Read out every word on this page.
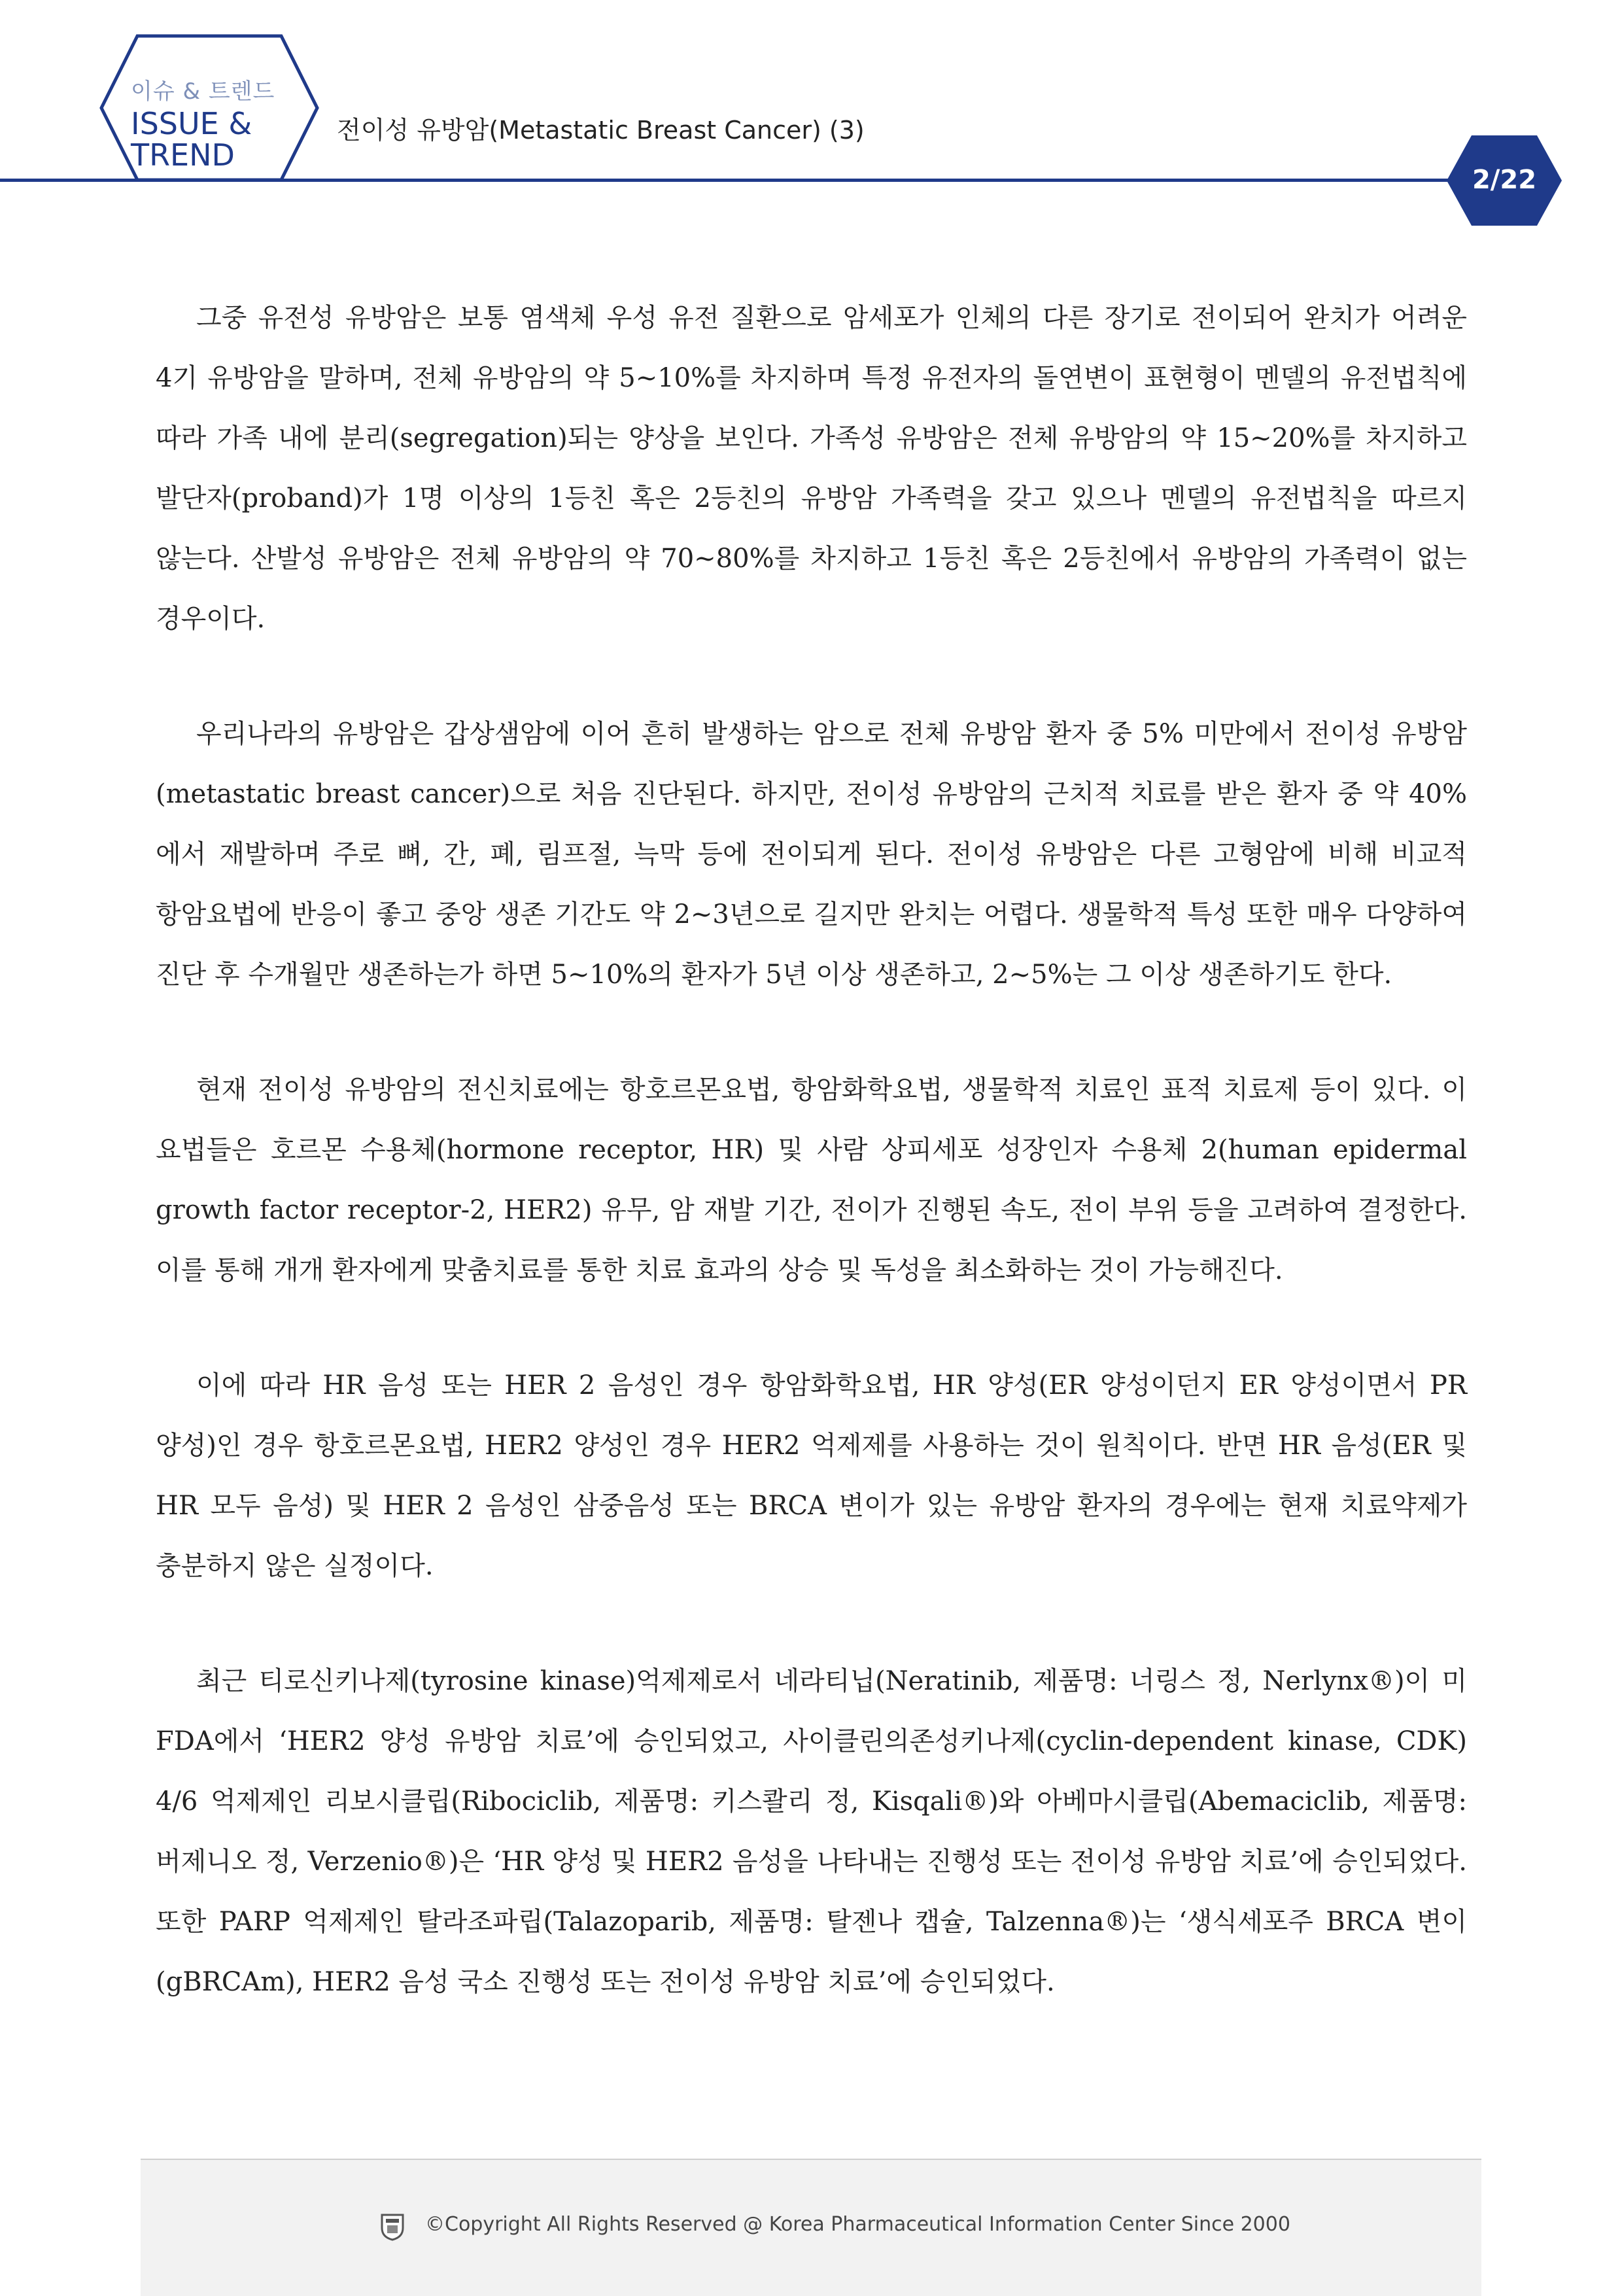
이슈 & 트렌드
ISSUE &
TREND
전이성 유방암(Metastatic Breast Cancer) (3)
2/22

그중 유전성 유방암은 보통 염색체 우성 유전 질환으로 암세포가 인체의 다른 장기로 전이되어 완치가 어려운 4기 유방암을 말하며, 전체 유방암의 약 5~10%를 차지하며 특정 유전자의 돌연변이 표현형이 멘델의 유전법칙에 따라 가족 내에 분리(segregation)되는 양상을 보인다. 가족성 유방암은 전체 유방암의 약 15~20%를 차지하고 발단자(proband)가 1명 이상의 1등친 혹은 2등친의 유방암 가족력을 갖고 있으나 멘델의 유전법칙을 따르지 않는다. 산발성 유방암은 전체 유방암의 약 70~80%를 차지하고 1등친 혹은 2등친에서 유방암의 가족력이 없는 경우이다.

우리나라의 유방암은 갑상샘암에 이어 흔히 발생하는 암으로 전체 유방암 환자 중 5% 미만에서 전이성 유방암(metastatic breast cancer)으로 처음 진단된다. 하지만, 전이성 유방암의 근치적 치료를 받은 환자 중 약 40%에서 재발하며 주로 뼈, 간, 폐, 림프절, 늑막 등에 전이되게 된다. 전이성 유방암은 다른 고형암에 비해 비교적 항암요법에 반응이 좋고 중앙 생존 기간도 약 2~3년으로 길지만 완치는 어렵다. 생물학적 특성 또한 매우 다양하여 진단 후 수개월만 생존하는가 하면 5~10%의 환자가 5년 이상 생존하고, 2~5%는 그 이상 생존하기도 한다.

현재 전이성 유방암의 전신치료에는 항호르몬요법, 항암화학요법, 생물학적 치료인 표적 치료제 등이 있다. 이 요법들은 호르몬 수용체(hormone receptor, HR) 및 사람 상피세포 성장인자 수용체 2(human epidermal growth factor receptor-2, HER2) 유무, 암 재발 기간, 전이가 진행된 속도, 전이 부위 등을 고려하여 결정한다. 이를 통해 개개 환자에게 맞춤치료를 통한 치료 효과의 상승 및 독성을 최소화하는 것이 가능해진다.

이에 따라 HR 음성 또는 HER 2 음성인 경우 항암화학요법, HR 양성(ER 양성이던지 ER 양성이면서 PR 양성)인 경우 항호르몬요법, HER2 양성인 경우 HER2 억제제를 사용하는 것이 원칙이다. 반면 HR 음성(ER 및 HR 모두 음성) 및 HER 2 음성인 삼중음성 또는 BRCA 변이가 있는 유방암 환자의 경우에는 현재 치료약제가 충분하지 않은 실정이다.

최근 티로신키나제(tyrosine kinase)억제제로서 네라티닙(Neratinib, 제품명: 너링스 정, Nerlynx®)이 미 FDA에서 ‘HER2 양성 유방암 치료’에 승인되었고, 사이클린의존성키나제(cyclin-dependent kinase, CDK) 4/6 억제제인 리보시클립(Ribociclib, 제품명: 키스콸리 정, Kisqali®)와 아베마시클립(Abemaciclib, 제품명: 버제니오 정, Verzenio®)은 ‘HR 양성 및 HER2 음성을 나타내는 진행성 또는 전이성 유방암 치료’에 승인되었다. 또한 PARP 억제제인 탈라조파립(Talazoparib, 제품명: 탈젠나 캡슐, Talzenna®)는 ‘생식세포주 BRCA 변이(gBRCAm), HER2 음성 국소 진행성 또는 전이성 유방암 치료’에 승인되었다.

©Copyright All Rights Reserved @ Korea Pharmaceutical Information Center Since 2000
